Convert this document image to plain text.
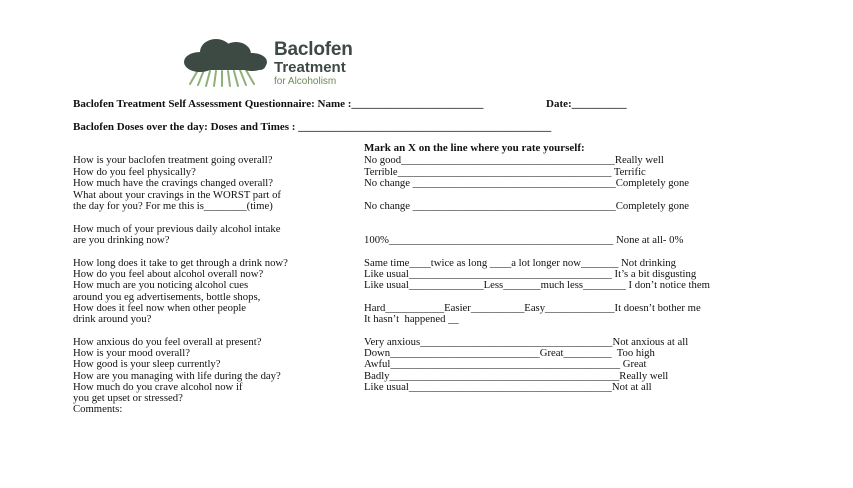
Baclofen
Treatment
for Alcoholism
Baclofen Treatment Self Assessment Questionnaire: Name :________________________	Date:__________
Baclofen Doses over the day: Doses and Times : ______________________________________________
Mark an X on the line where you rate yourself:
How is your baclofen treatment going overall?
How do you feel physically?
How much have the cravings changed overall?
What about your cravings in the WORST part of
the day for you? For me this is________(time)
How much of your previous daily alcohol intake
are you drinking now?
How long does it take to get through a drink now?
How do you feel about alcohol overall now?
How much are you noticing alcohol cues
around you eg advertisements, bottle shops,
How does it feel now when other people
drink around you?
How anxious do you feel overall at present?
How is your mood overall?
How good is your sleep currently?
How are you managing with life during the day?
How much do you crave alcohol now if
you get upset or stressed?
Comments:
No good________________________________________Really well
Terrible________________________________________ Terrific
No change ______________________________________Completely gone
No change ______________________________________Completely gone
100%__________________________________________ None at all- 0%
Same time____twice as long ____a lot longer now_______ Not drinking
Like usual______________________________________ It’s a bit disgusting
Like usual______________Less_______much less________ I don’t notice them
Hard___________Easier__________Easy_____________It doesn’t bother me
It hasn’t  happened __
Very anxious____________________________________Not anxious at all
Down____________________________Great_________  Too high
Awful___________________________________________ Great
Badly___________________________________________Really well
Like usual______________________________________Not at all
